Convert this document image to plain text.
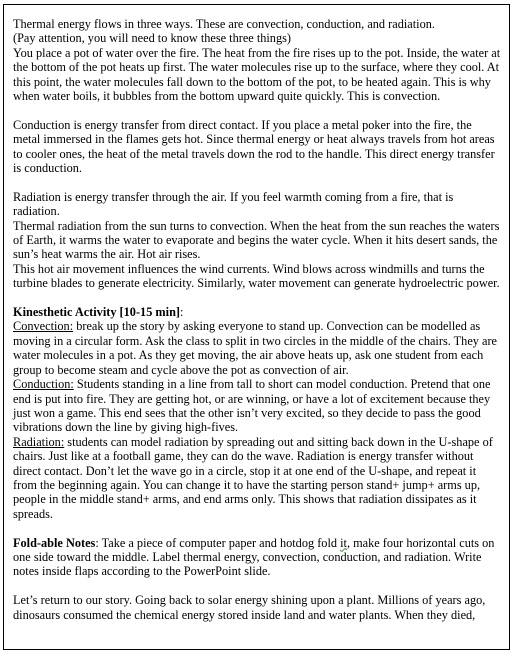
Thermal energy flows in three ways. These are convection, conduction, and radiation.
(Pay attention, you will need to know these three things)
You place a pot of water over the fire. The heat from the fire rises up to the pot. Inside, the water at the bottom of the pot heats up first. The water molecules rise up to the surface, where they cool. At this point, the water molecules fall down to the bottom of the pot, to be heated again. This is why when water boils, it bubbles from the bottom upward quite quickly. This is convection.
Conduction is energy transfer from direct contact. If you place a metal poker into the fire, the metal immersed in the flames gets hot. Since thermal energy or heat always travels from hot areas to cooler ones, the heat of the metal travels down the rod to the handle. This direct energy transfer is conduction.
Radiation is energy transfer through the air. If you feel warmth coming from a fire, that is radiation.
Thermal radiation from the sun turns to convection. When the heat from the sun reaches the waters of Earth, it warms the water to evaporate and begins the water cycle. When it hits desert sands, the sun’s heat warms the air. Hot air rises.
This hot air movement influences the wind currents. Wind blows across windmills and turns the turbine blades to generate electricity. Similarly, water movement can generate hydroelectric power.
Kinesthetic Activity [10-15 min]:
Convection: break up the story by asking everyone to stand up. Convection can be modelled as moving in a circular form. Ask the class to split in two circles in the middle of the chairs. They are water molecules in a pot. As they get moving, the air above heats up, ask one student from each group to become steam and cycle above the pot as convection of air.
Conduction: Students standing in a line from tall to short can model conduction. Pretend that one end is put into fire. They are getting hot, or are winning, or have a lot of excitement because they just won a game. This end sees that the other isn’t very excited, so they decide to pass the good vibrations down the line by giving high-fives.
Radiation: students can model radiation by spreading out and sitting back down in the U-shape of chairs. Just like at a football game, they can do the wave. Radiation is energy transfer without direct contact. Don’t let the wave go in a circle, stop it at one end of the U-shape, and repeat it from the beginning again. You can change it to have the starting person stand+ jump+ arms up, people in the middle stand+ arms, and end arms only. This shows that radiation dissipates as it spreads.
Fold-able Notes: Take a piece of computer paper and hotdog fold it, make four horizontal cuts on one side toward the middle. Label thermal energy, convection, conduction, and radiation. Write notes inside flaps according to the PowerPoint slide.
Let’s return to our story. Going back to solar energy shining upon a plant. Millions of years ago, dinosaurs consumed the chemical energy stored inside land and water plants. When they died,
